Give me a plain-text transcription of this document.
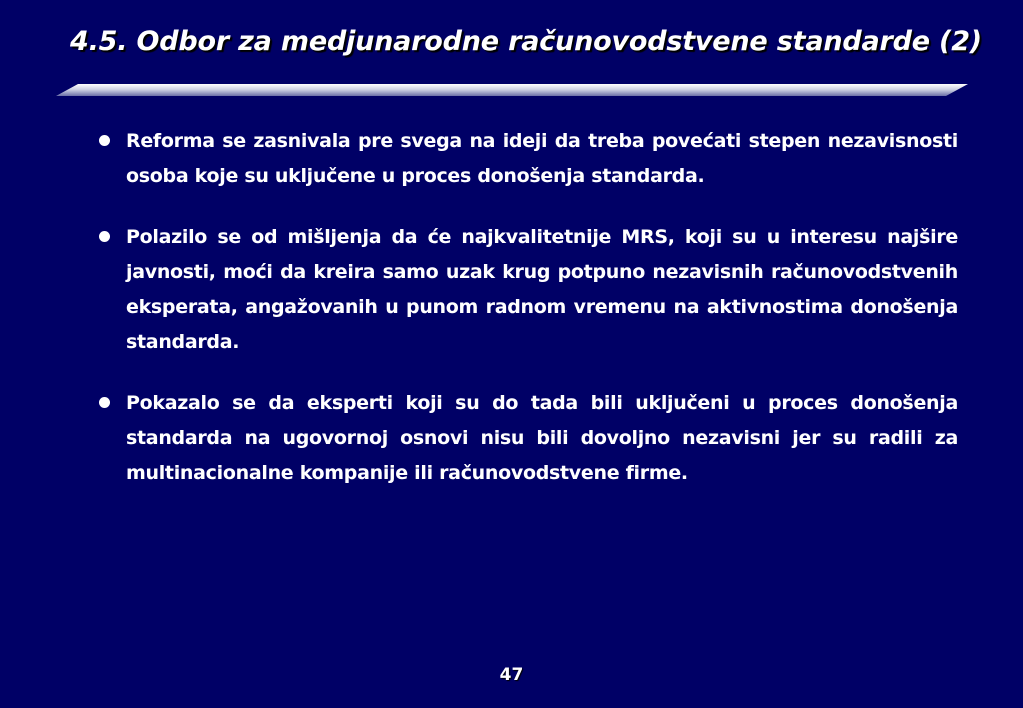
4.5. Odbor za medjunarodne računovodstvene standarde (2)
Reforma se zasnivala pre svega na ideji da treba povećati stepen nezavisnosti osoba koje su uključene u proces donošenja standarda.
Polazilo se od mišljenja da će najkvalitetnije MRS, koji su u interesu najšire javnosti, moći da kreira samo uzak krug potpuno nezavisnih računovodstvenih eksperata, angažovanih u punom radnom vremenu na aktivnostima donošenja standarda.
Pokazalo se da eksperti koji su do tada bili uključeni u proces donošenja standarda na ugovornoj osnovi nisu bili dovoljno nezavisni jer su radili za multinacionalne kompanije ili računovodstvene firme.
47
